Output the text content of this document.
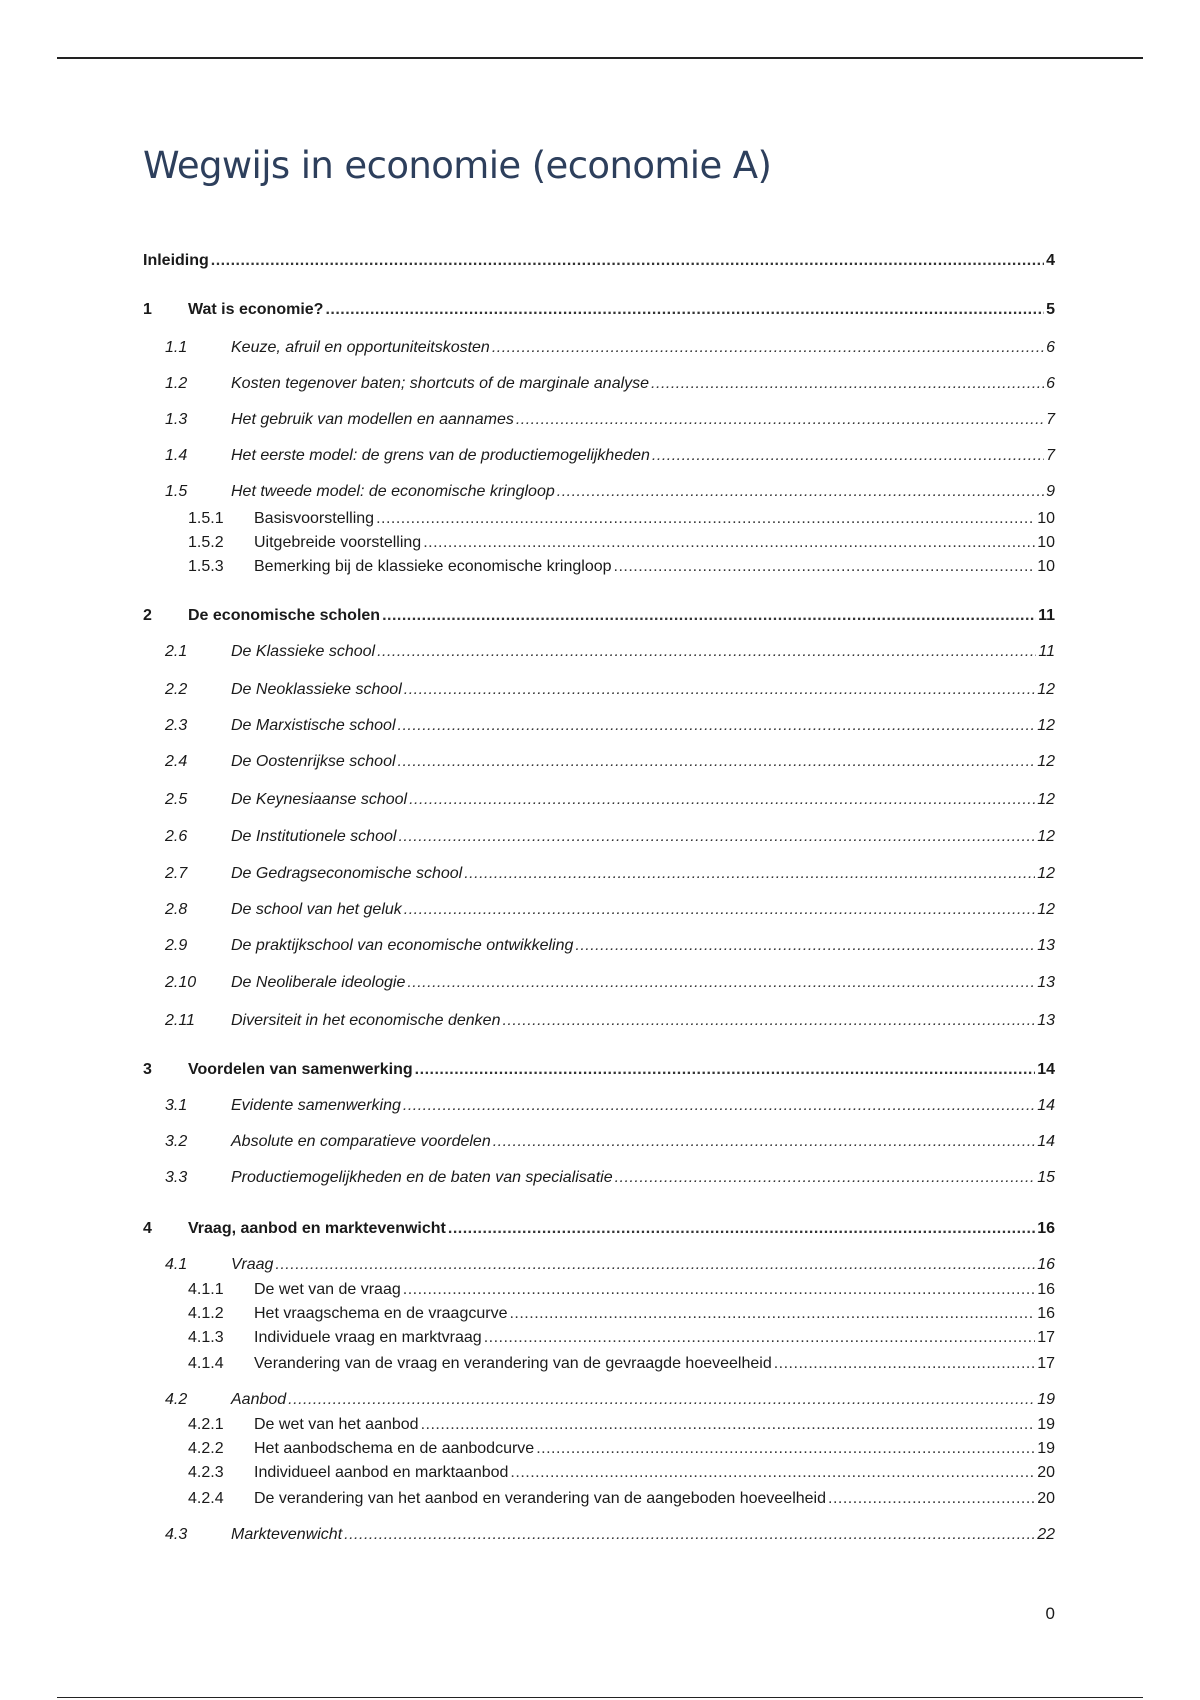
Wegwijs in economie (economie A)
Inleiding .....	4
1	Wat is economie? .....	5
1.1	Keuze, afruil en opportuniteitskosten .....	6
1.2	Kosten tegenover baten; shortcuts of de marginale analyse .....	6
1.3	Het gebruik van modellen en aannames .....	7
1.4	Het eerste model: de grens van de productiemogelijkheden .....	7
1.5	Het tweede model: de economische kringloop .....	9
1.5.1	Basisvoorstelling .....	10
1.5.2	Uitgebreide voorstelling .....	10
1.5.3	Bemerking bij de klassieke economische kringloop .....	10
2	De economische scholen .....	11
2.1	De Klassieke school .....	11
2.2	De Neoklassieke school .....	12
2.3	De Marxistische school .....	12
2.4	De Oostenrijkse school .....	12
2.5	De Keynesiaanse school .....	12
2.6	De Institutionele school .....	12
2.7	De Gedragseconomische school .....	12
2.8	De school van het geluk .....	12
2.9	De praktijkschool van economische ontwikkeling .....	13
2.10	De Neoliberale ideologie .....	13
2.11	Diversiteit in het economische denken .....	13
3	Voordelen van samenwerking .....	14
3.1	Evidente samenwerking .....	14
3.2	Absolute en comparatieve voordelen .....	14
3.3	Productiemogelijkheden en de baten van specialisatie .....	15
4	Vraag, aanbod en marktevenwicht .....	16
4.1	Vraag .....	16
4.1.1	De wet van de vraag .....	16
4.1.2	Het vraagschema en de vraagcurve .....	16
4.1.3	Individuele vraag en marktvraag .....	17
4.1.4	Verandering van de vraag en verandering van de gevraagde hoeveelheid .....	17
4.2	Aanbod .....	19
4.2.1	De wet van het aanbod .....	19
4.2.2	Het aanbodschema en de aanbodcurve .....	19
4.2.3	Individueel aanbod en marktaanbod .....	20
4.2.4	De verandering van het aanbod en verandering van de aangeboden hoeveelheid .....	20
4.3	Marktevenwicht .....	22
0
